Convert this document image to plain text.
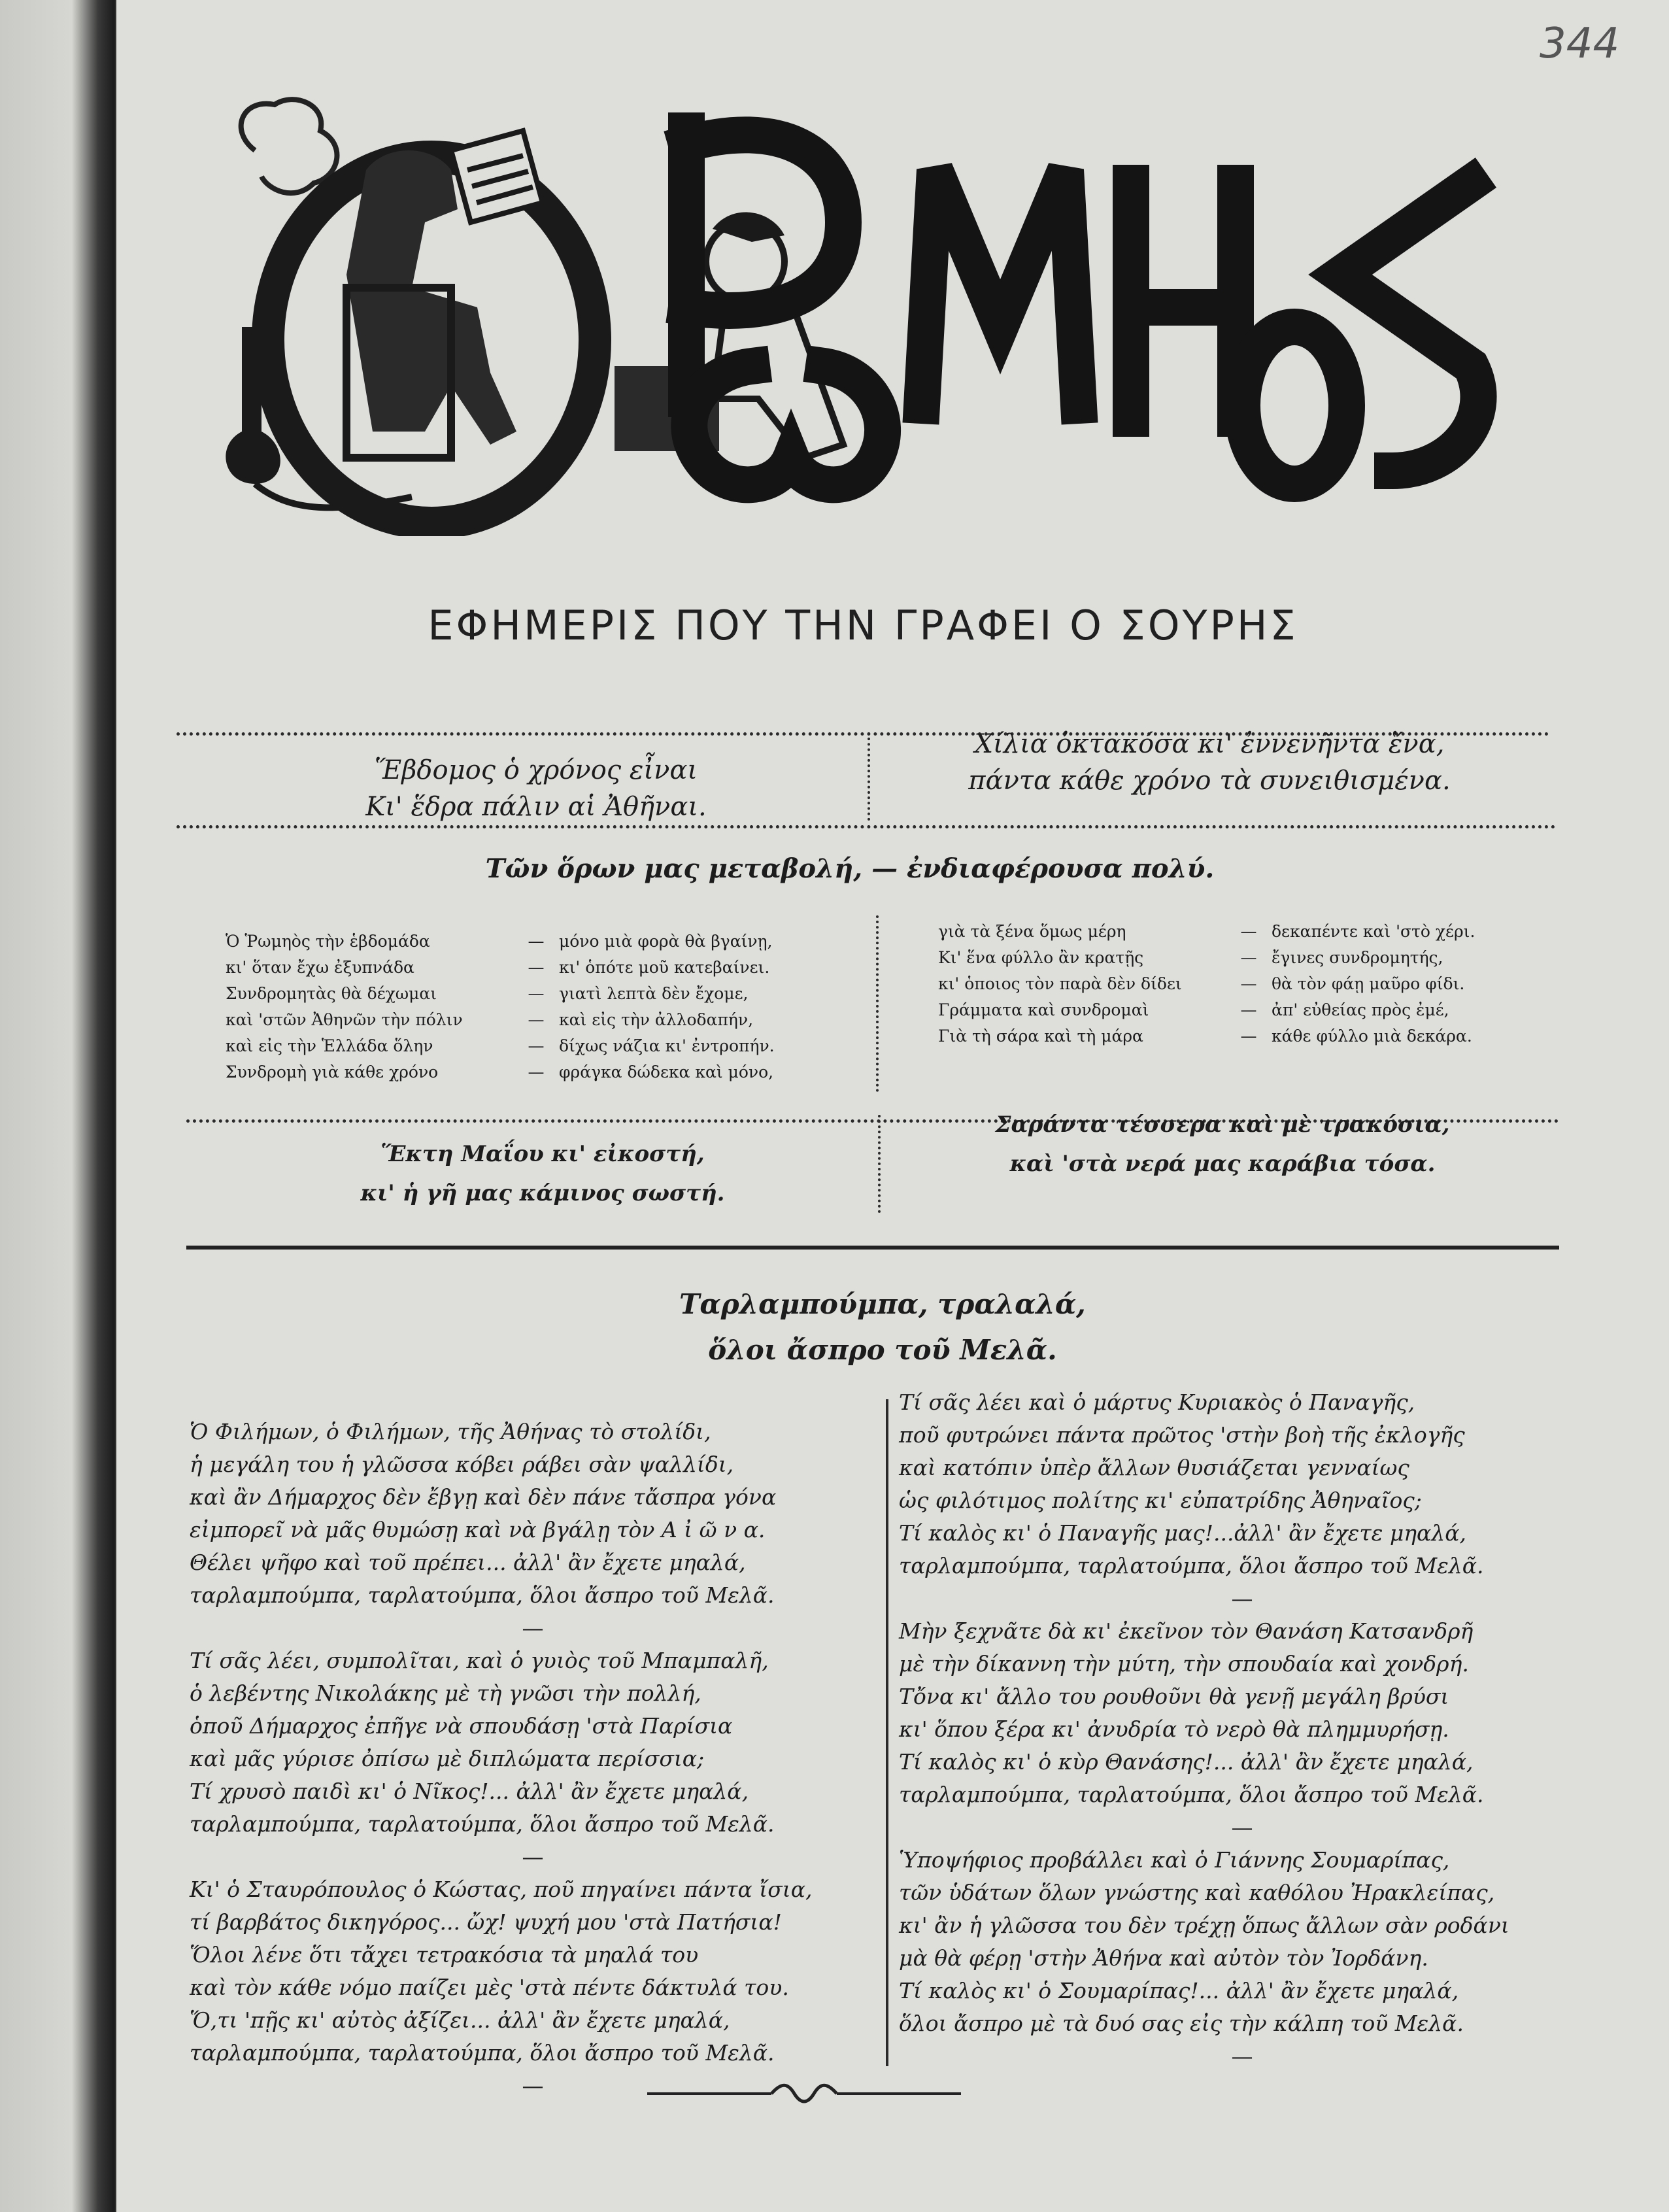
344
ΕΦΗΜΕΡΙΣ ΠΟΥ ΤΗΝ ΓΡΑΦΕΙ Ο ΣΟΥΡΗΣ
Ἕβδομος ὁ χρόνος εἶναι
Κι' ἕδρα πάλιν αἱ Ἀθῆναι.
Χίλια ὀκτακόσα κι' ἐννενῆντα ἕνα,
πάντα κάθε χρόνο τὰ συνειθισμένα.
Τῶν ὅρων μας μεταβολή, — ἐνδιαφέρουσα πολύ.
Ὁ Ῥωμηὸς τὴν ἑβδομάδα	— μόνο μιὰ φορὰ θὰ βγαίνῃ,
κι' ὅταν ἔχω ἐξυπνάδα	— κι' ὁπότε μοῦ κατεβαίνει.
Συνδρομητὰς θὰ δέχωμαι	— γιατὶ λεπτὰ δὲν ἔχομε,
καὶ 'στῶν Ἀθηνῶν τὴν πόλιν	— καὶ εἰς τὴν ἀλλοδαπήν,
καὶ εἰς τὴν Ἑλλάδα ὅλην	— δίχως νάζια κι' ἐντροπήν.
Συνδρομὴ γιὰ κάθε χρόνο	— φράγκα δώδεκα καὶ μόνο,
γιὰ τὰ ξένα ὅμως μέρη	— δεκαπέντε καὶ 'στὸ χέρι.
Κι' ἕνα φύλλο ἂν κρατῇς	— ἔγινες συνδρομητής,
κι' ὁποιος τὸν παρὰ δὲν δίδει	— θὰ τὸν φάῃ μαῦρο φίδι.
Γράμματα καὶ συνδρομαὶ	— ἀπ' εὐθείας πρὸς ἐμέ,
Γιὰ τὴ σάρα καὶ τὴ μάρα	— κάθε φύλλο μιὰ δεκάρα.
Ἕκτη Μαΐου κι' εἰκοστή,
κι' ἡ γῆ μας κάμινος σωστή.
Σαράντα τέσσερα καὶ μὲ τρακόσια,
καὶ 'στὰ νερά μας καράβια τόσα.
Ταρλαμπούμπα, τραλαλά,
ὅλοι ἄσπρο τοῦ Μελᾶ.
Ὁ Φιλήμων, ὁ Φιλήμων, τῆς Ἀθήνας τὸ στολίδι,
ἡ μεγάλη του ἡ γλῶσσα κόβει ράβει σὰν ψαλλίδι,
καὶ ἂν Δήμαρχος δὲν ἔβγῃ καὶ δὲν πάνε τἄσπρα γόνα
εἰμπορεῖ νὰ μᾶς θυμώσῃ καὶ νὰ βγάλῃ τὸν Α ἰ ῶ ν α.
Θέλει ψῆφο καὶ τοῦ πρέπει... ἀλλ' ἂν ἔχετε μηαλά,
ταρλαμπούμπα, ταρλατούμπα, ὅλοι ἄσπρο τοῦ Μελᾶ.
—
Τί σᾶς λέει, συμπολῖται, καὶ ὁ γυιὸς τοῦ Μπαμπαλῆ,
ὁ λεβέντης Νικολάκης μὲ τὴ γνῶσι τὴν πολλή,
ὁποῦ Δήμαρχος ἐπῆγε νὰ σπουδάσῃ 'στὰ Παρίσια
καὶ μᾶς γύρισε ὀπίσω μὲ διπλώματα περίσσια;
Τί χρυσὸ παιδὶ κι' ὁ Νῖκος!... ἀλλ' ἂν ἔχετε μηαλά,
ταρλαμπούμπα, ταρλατούμπα, ὅλοι ἄσπρο τοῦ Μελᾶ.
—
Κι' ὁ Σταυρόπουλος ὁ Κώστας, ποῦ πηγαίνει πάντα ἴσια,
τί βαρβάτος δικηγόρος... ὤχ! ψυχή μου 'στὰ Πατήσια!
Ὅλοι λένε ὅτι τἄχει τετρακόσια τὰ μηαλά του
καὶ τὸν κάθε νόμο παίζει μὲς 'στὰ πέντε δάκτυλά του.
Ὅ,τι 'πῇς κι' αὐτὸς ἀξίζει... ἀλλ' ἂν ἔχετε μηαλά,
ταρλαμπούμπα, ταρλατούμπα, ὅλοι ἄσπρο τοῦ Μελᾶ.
—
Τί σᾶς λέει καὶ ὁ μάρτυς Κυριακὸς ὁ Παναγῆς,
ποῦ φυτρώνει πάντα πρῶτος 'στὴν βοὴ τῆς ἐκλογῆς
καὶ κατόπιν ὑπὲρ ἄλλων θυσιάζεται γενναίως
ὡς φιλότιμος πολίτης κι' εὐπατρίδης Ἀθηναῖος;
Τί καλὸς κι' ὁ Παναγῆς μας!...ἀλλ' ἂν ἔχετε μηαλά,
ταρλαμπούμπα, ταρλατούμπα, ὅλοι ἄσπρο τοῦ Μελᾶ.
—
Μὴν ξεχνᾶτε δὰ κι' ἐκεῖνον τὸν Θανάση Κατσανδρῆ
μὲ τὴν δίκαννη τὴν μύτη, τὴν σπουδαία καὶ χονδρή.
Τὄνα κι' ἄλλο του ρουθοῦνι θὰ γενῇ μεγάλη βρύσι
κι' ὅπου ξέρα κι' ἀνυδρία τὸ νερὸ θὰ πλημμυρήσῃ.
Τί καλὸς κι' ὁ κὺρ Θανάσης!... ἀλλ' ἂν ἔχετε μηαλά,
ταρλαμπούμπα, ταρλατούμπα, ὅλοι ἄσπρο τοῦ Μελᾶ.
—
Ὑποψήφιος προβάλλει καὶ ὁ Γιάννης Σουμαρίπας,
τῶν ὑδάτων ὅλων γνώστης καὶ καθόλου Ἠρακλείπας,
κι' ἂν ἡ γλῶσσα του δὲν τρέχῃ ὅπως ἄλλων σὰν ροδάνι
μὰ θὰ φέρῃ 'στὴν Ἀθήνα καὶ αὐτὸν τὸν Ἰορδάνη.
Τί καλὸς κι' ὁ Σουμαρίπας!... ἀλλ' ἂν ἔχετε μηαλά,
ὅλοι ἄσπρο μὲ τὰ δυό σας εἰς τὴν κάλπη τοῦ Μελᾶ.
—
